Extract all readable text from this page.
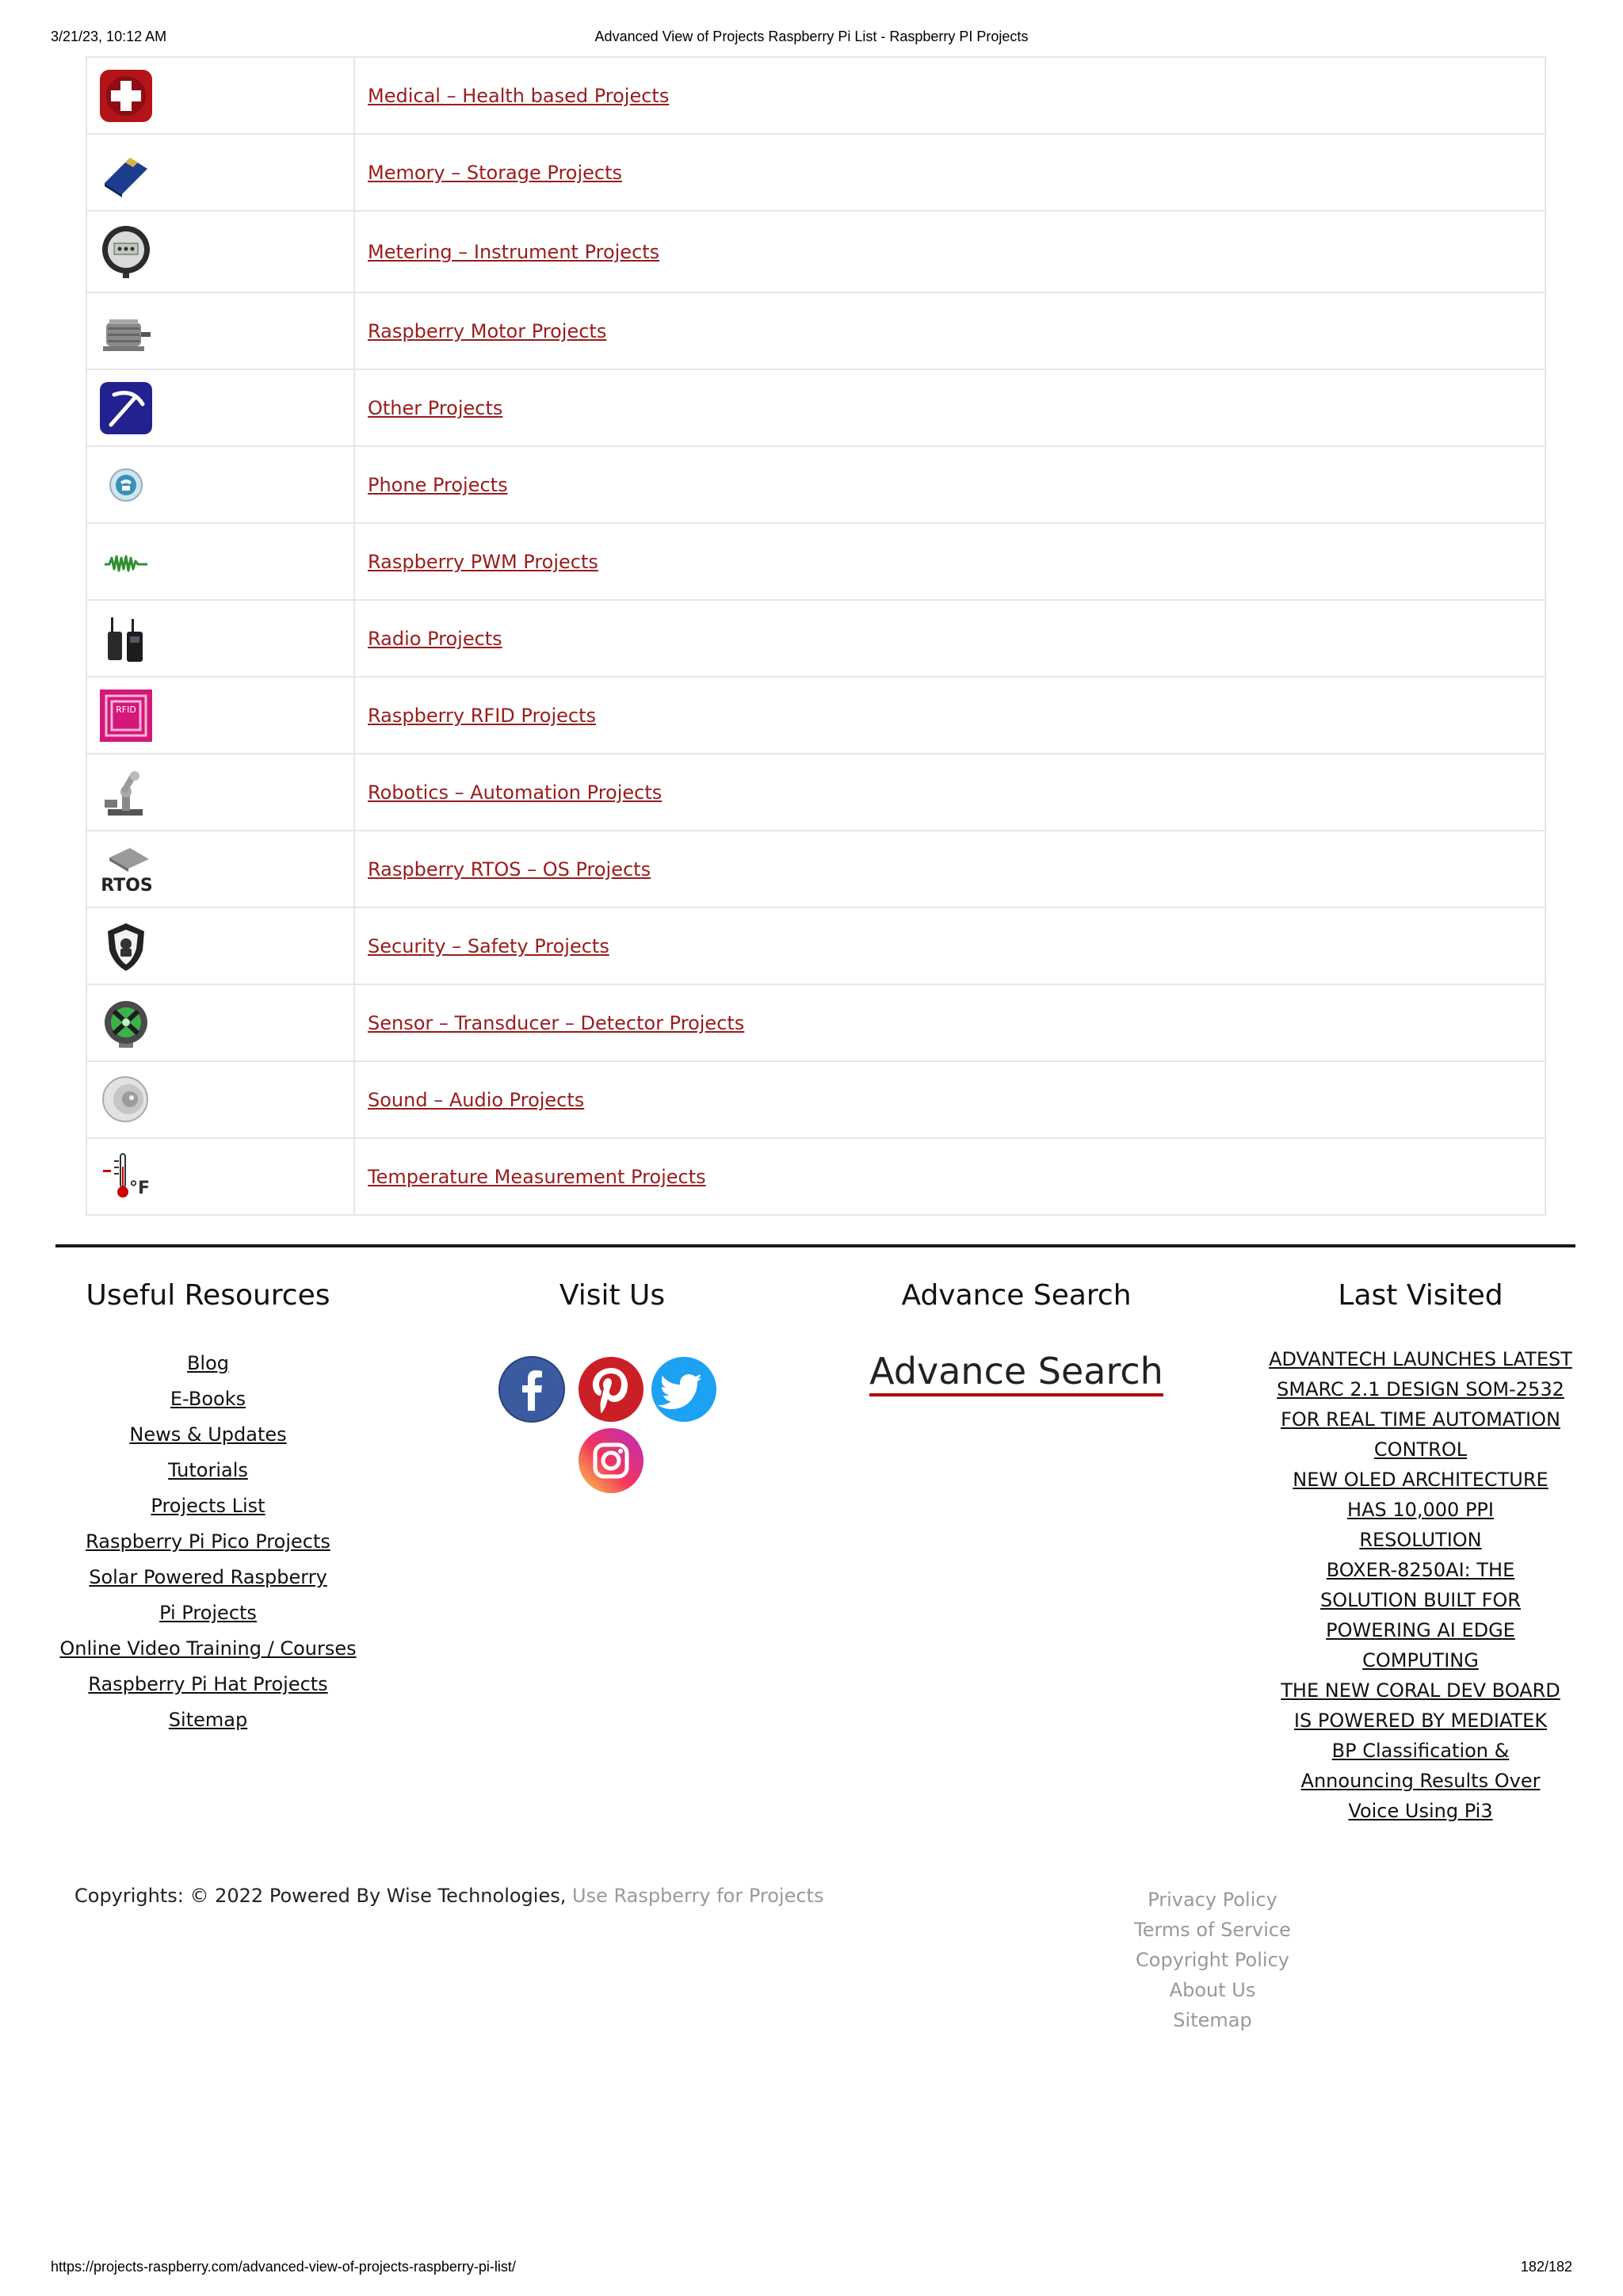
3/21/23, 10:12 AM	Advanced View of Projects Raspberry Pi List - Raspberry PI Projects
	Medical – Health based Projects

	Memory – Storage Projects

	Metering – Instrument Projects

	Raspberry Motor Projects

	Other Projects

	Phone Projects

	Raspberry PWM Projects

	Radio Projects

RFID	Raspberry RFID Projects

	Robotics – Automation Projects

RTOS	Raspberry RTOS – OS Projects

	Security – Safety Projects

	Sensor – Transducer – Detector Projects

	Sound – Audio Projects

°F	Temperature Measurement Projects
Useful Resources
Blog
E-Books
News & Updates
Tutorials
Projects List
Raspberry Pi Pico Projects
Solar Powered Raspberry Pi Projects
Online Video Training / Courses
Raspberry Pi Hat Projects
Sitemap
Visit Us	Advance Search
Advance Search
Last Visited
ADVANTECH LAUNCHES LATEST SMARC 2.1 DESIGN SOM-2532 FOR REAL TIME AUTOMATION CONTROL
NEW OLED ARCHITECTURE HAS 10,000 PPI RESOLUTION
BOXER-8250AI: THE SOLUTION BUILT FOR POWERING AI EDGE COMPUTING
THE NEW CORAL DEV BOARD IS POWERED BY MEDIATEK
BP Classification & Announcing Results Over Voice Using Pi3
Copyrights: © 2022 Powered By Wise Technologies, Use Raspberry for Projects	Privacy Policy
Terms of Service
Copyright Policy
About Us
Sitemap
https://projects-raspberry.com/advanced-view-of-projects-raspberry-pi-list/	182/182
